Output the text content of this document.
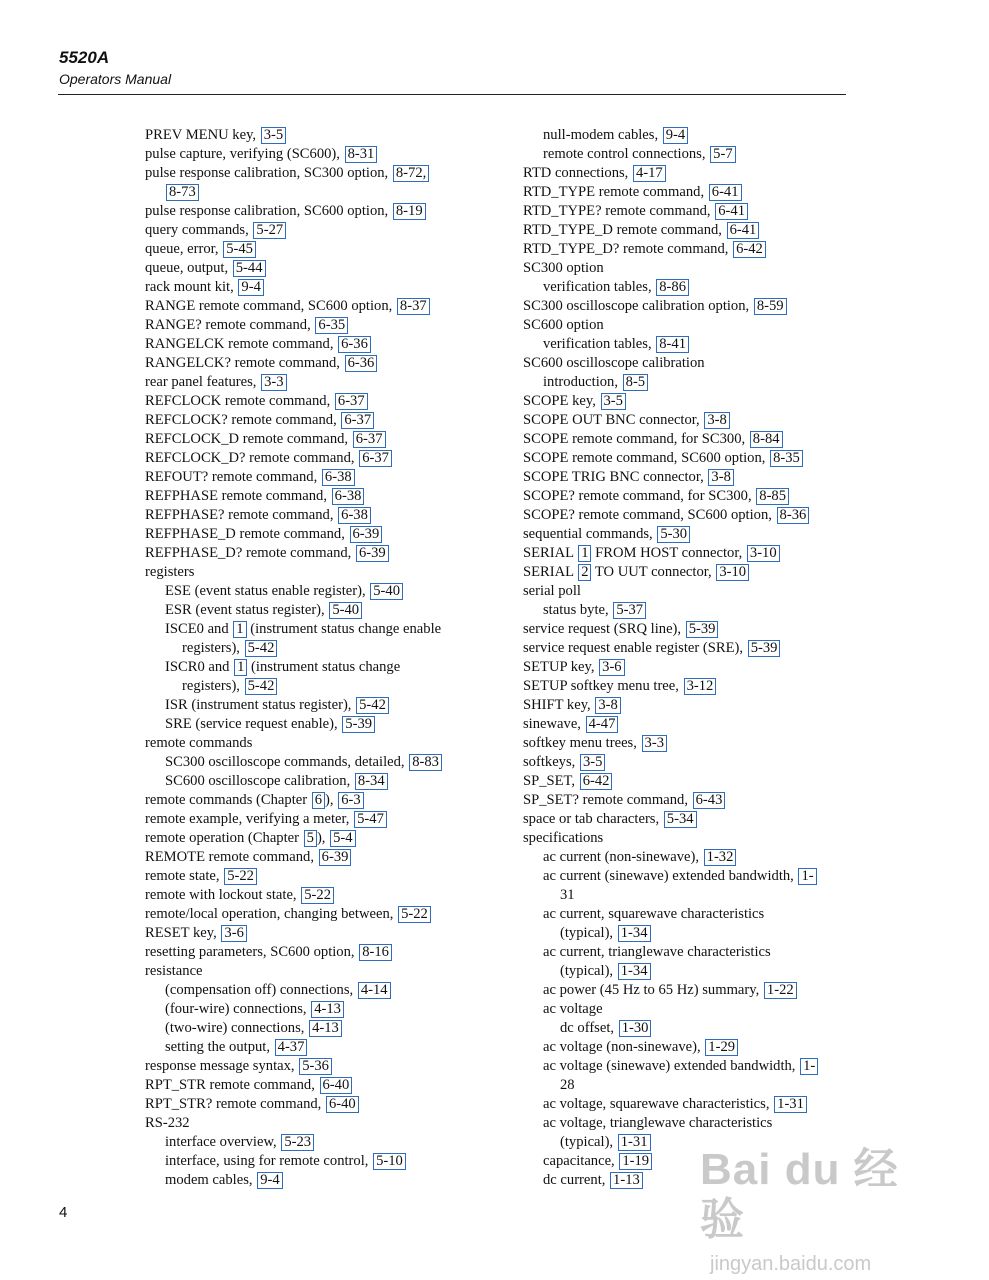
5520A
Operators Manual
PREV MENU key, 3-5
pulse capture, verifying (SC600), 8-31
pulse response calibration, SC300 option, 8-72,
8-73
pulse response calibration, SC600 option, 8-19
query commands, 5-27
queue, error, 5-45
queue, output, 5-44
rack mount kit, 9-4
RANGE remote command, SC600 option, 8-37
RANGE? remote command, 6-35
RANGELCK remote command, 6-36
RANGELCK? remote command, 6-36
rear panel features, 3-3
REFCLOCK remote command, 6-37
REFCLOCK? remote command, 6-37
REFCLOCK_D remote command, 6-37
REFCLOCK_D? remote command, 6-37
REFOUT? remote command, 6-38
REFPHASE remote command, 6-38
REFPHASE? remote command, 6-38
REFPHASE_D remote command, 6-39
REFPHASE_D? remote command, 6-39
registers
ESE (event status enable register), 5-40
ESR (event status register), 5-40
ISCE0 and 1 (instrument status change enable
registers), 5-42
ISCR0 and 1 (instrument status change
registers), 5-42
ISR (instrument status register), 5-42
SRE (service request enable), 5-39
remote commands
SC300 oscilloscope commands, detailed, 8-83
SC600 oscilloscope calibration, 8-34
remote commands (Chapter 6 ), 6-3
remote example, verifying a meter, 5-47
remote operation (Chapter 5 ), 5-4
REMOTE remote command, 6-39
remote state, 5-22
remote with lockout state, 5-22
remote/local operation, changing between, 5-22
RESET key, 3-6
resetting parameters, SC600 option, 8-16
resistance
(compensation off) connections, 4-14
(four-wire) connections, 4-13
(two-wire) connections, 4-13
setting the output, 4-37
response message syntax, 5-36
RPT_STR remote command, 6-40
RPT_STR? remote command, 6-40
RS-232
interface overview, 5-23
interface, using for remote control, 5-10
modem cables, 9-4
null-modem cables, 9-4
remote control connections, 5-7
RTD connections, 4-17
RTD_TYPE remote command, 6-41
RTD_TYPE? remote command, 6-41
RTD_TYPE_D remote command, 6-41
RTD_TYPE_D? remote command, 6-42
SC300 option
verification tables, 8-86
SC300 oscilloscope calibration option, 8-59
SC600 option
verification tables, 8-41
SC600 oscilloscope calibration
introduction, 8-5
SCOPE key, 3-5
SCOPE OUT BNC connector, 3-8
SCOPE remote command, for SC300, 8-84
SCOPE remote command, SC600 option, 8-35
SCOPE TRIG BNC connector, 3-8
SCOPE? remote command, for SC300, 8-85
SCOPE? remote command, SC600 option, 8-36
sequential commands, 5-30
SERIAL 1 FROM HOST connector, 3-10
SERIAL 2 TO UUT connector, 3-10
serial poll
status byte, 5-37
service request (SRQ line), 5-39
service request enable register (SRE), 5-39
SETUP key, 3-6
SETUP softkey menu tree, 3-12
SHIFT key, 3-8
sinewave, 4-47
softkey menu trees, 3-3
softkeys, 3-5
SP_SET, 6-42
SP_SET? remote command, 6-43
space or tab characters, 5-34
specifications
ac current (non-sinewave), 1-32
ac current (sinewave) extended bandwidth, 1-
31
ac current, squarewave characteristics
(typical), 1-34
ac current, trianglewave characteristics
(typical), 1-34
ac power (45 Hz to 65 Hz) summary, 1-22
ac voltage
dc offset, 1-30
ac voltage (non-sinewave), 1-29
ac voltage (sinewave) extended bandwidth, 1-
28
ac voltage, squarewave characteristics, 1-31
ac voltage, trianglewave characteristics
(typical), 1-31
capacitance, 1-19
dc current, 1-13
4
Bai du 经验
jingyan.baidu.com
